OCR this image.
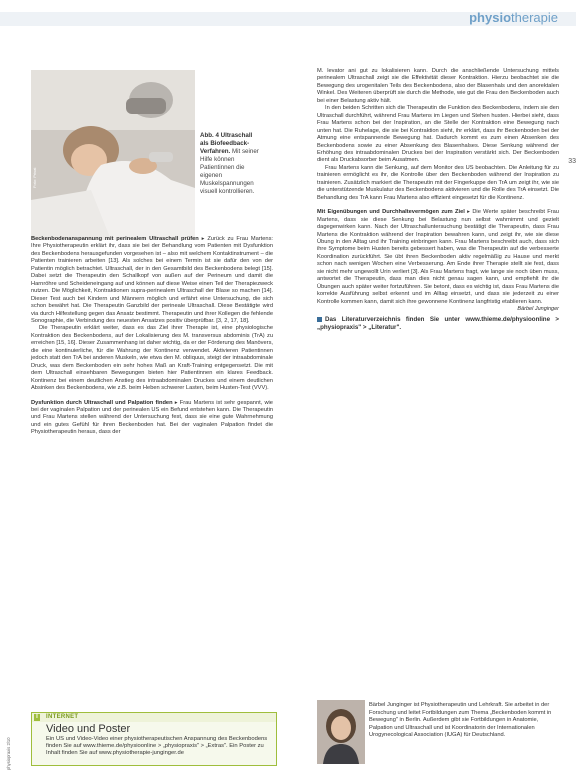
physiotherapie
33
Foto: Privat
Abb. 4 Ultraschall als Biofeedback-Verfahren. Mit seiner Hilfe können Patientinnen die eigenen Muskelspannungen visuell kontrollieren.

Beckenbodenanspannung mit perinealem Ultraschall prüfen ▸ Zurück zu Frau Martens: Ihre Physiotherapeutin erklärt ihr, dass sie bei der Behandlung vom Patienten mit Dysfunktion des Beckenbodens herausgefunden vorgesehen ist – also mit welchem Kontaktinstrument – die Patienten trainieren arbeiten [13]. Als solches bei einem Termin ist sie dafür den von der Patientin möglich betrachtet. Ultraschall, der in den Gesamtbild des Beckenbodens belegt [15]. Dabei setzt die Therapeutin den Schallkopf von außen auf der Perineum und damit die Harnröhre und Scheideneingang auf und können auf diese Weise einen Teil der Therapiezweck nutzen. Die Möglichkeit, Kontraktionen supra-perinealem Ultraschall der Blase so machen [14]. Dieser Test auch bei Kindern und Männern möglich und erfährt eine Untersuchung, die sich schon bewährt hat. Die Therapeutin Ganzbild der perineale Ultraschall. Diese Bestätigte wird via durch Hilfestellung gegen das Ansatz bestimmt. Therapeutin und ihrer Kollegen die fehlende Sonographie, die Verbindung des neuesten Ansatzes positiv überprüfbar. [3, 2, 17, 18].

Die Therapeutin erklärt weiter, dass es das Ziel ihrer Therapie ist, eine physiologische Kontraktion des Beckenbodens, auf der Lokalisierung des M. transversus abdominis (TrA) zu erreichen [15, 16]. Dieser Zusammenhang ist daher wichtig, da er der Förderung des Manövers, die eine kontinuierliche, für die Wahrung der Kontinenz verwendet. Aktivieren Patientinnen jedoch statt den TrA bei anderen Muskeln, wie etwa den M. obliquus, steigt der intraabdominale Druck, was dem Beckenboden ein sehr hohes Maß an Kraft-Training entgegensetzt. Die mit dem Ultraschall einsehbaren Bewegungen bieten hier Patientinnen ein klares Feedback. Kontinenz bei einem deutlichen Anstieg des intraabdominalen Druckes und einem deutlichen Absinken des Beckenbodens, wie z.B. beim Heben schwerer Lasten, beim Husten-Test (VVV).

Dysfunktion durch Ultraschall und Palpation finden ▸ Frau Martens ist sehr gespannt, wie bei der vaginalen Palpation und der perinealen US ein Befund entstehen kann. Die Therapeutin und Frau Martens stellen während der Untersuchung fest, dass sie eine gute Wahrnehmung und ein gutes Gefühl für ihren Beckenboden hat. Bei der vaginalen Palpation findet die Physiotherapeutin heraus, dass der

M. levator ani gut zu lokalisieren kann. Durch die anschließende Untersuchung mittels perinealem Ultraschall zeigt sie die Effektivität dieser Kontraktion. Hierzu beobachtet sie die Bewegung des urogenitalen Teils des Beckenbodens, also der Blasenhals und den anorektalen Winkel. Des Weiteren überprüft sie durch die Methode, wie gut die Frau den Beckenboden auch bei einer Belastung aktiv hält.

In den beiden Schritten sich die Therapeutin die Funktion des Beckenbodens, indem sie den Ultraschall durchführt, während Frau Martens im Liegen und Stehen husten. Hierbei sieht, dass Frau Martens schon bei der Inspiration, an die Stelle der Kontraktion eine Bewegung nach unten hat. Die Ruhelage, die sie bei Kontraktion sieht, ihr erklärt, dass ihr Beckenboden bei der Atmung eine entspannende Bewegung hat. Dadurch kommt es zum einen Absenken des Beckenbodens sowie zu einer Absenkung des Blasenhalses. Diese Senkung während der Erhöhung des intraabdominalen Druckes bei der Inspiration verstärkt sich. Der Beckenboden dient als Druckabsorber beim Ausatmen.

Frau Martens kann die Senkung, auf dem Monitor des US beobachten. Die Anleitung für zu trainieren ermöglicht es ihr, die Kontrolle über den Beckenboden während der Inspiration zu trainieren. Zusätzlich markiert die Therapeutin mit der Fingerkuppe den TrA um zeigt ihr, wie sie die unterstützende Muskulatur des Beckenbodens aktivieren und die Rolle des TrA einsetzt. Die Behandlung des TrA kann Frau Martens also effizient eingesetzt für die Kontinenz.

Mit Eigenübungen und Durchhaltevermögen zum Ziel ▸ Die Werte später beschreibt Frau Martens, dass sie diese Senkung bei Belastung nun selbst wahrnimmt und gezielt dagegenwirken kann. Nach der Ultraschalluntersuchung bestätigt die Therapeutin, dass Frau Martens die Kontraktion während der Inspiration bewahren kann, und zeigt ihr, wie sie diese Übung in den Alltag und ihr Training einbringen kann. Frau Martens beschreibt auch, dass sich ihre Symptome beim Husten bereits gebessert haben, was die Therapeutin auf die verbesserte Koordination zurückführt. Sie übt ihren Beckenboden aktiv regelmäßig zu Hause und merkt schon nach wenigen Wochen eine Verbesserung. Am Ende ihrer Therapie stellt sie fest, dass sie nicht mehr ungewollt Urin verliert [3]. Als Frau Martens fragt, wie lange sie noch üben muss, antwortet die Therapeutin, dass man dies nicht genau sagen kann, und empfiehlt ihr die Übungen auch später weiter fortzuführen. Sie betont, dass es wichtig ist, dass Frau Martens die korrekte Ausführung selbst erkennt und im Alltag einsetzt, und dass sie jederzeit zu einer Kontrolle kommen kann, damit sich ihre gewonnene Kontinenz langfristig etablieren kann.

Bärbel Junginger

Das Literaturverzeichnis finden Sie unter www.thieme.de/physioonline > „physiopraxis" > „Literatur".
I	INTERNET
Video und Poster
Ein US und Video-Video einer physiotherapeutischen Anspannung des Beckenbodens finden Sie auf www.thieme.de/physioonline > „physiopraxis" > „Extras". Ein Poster zu Inhalt finden Sie auf www.physiotherapie-junginger.de
physiopraxis 2/10
Bärbel Junginger ist Physiotherapeutin und Lehrkraft. Sie arbeitet in der Forschung und leitet Fortbildungen zum Thema „Beckenboden kommt in Bewegung" in Berlin. Außerdem gibt sie Fortbildungen in Anatomie, Palpation und Ultraschall und ist Koordinatorin der Internationalen Urogynecological Association (IUGA) für Deutschland.
